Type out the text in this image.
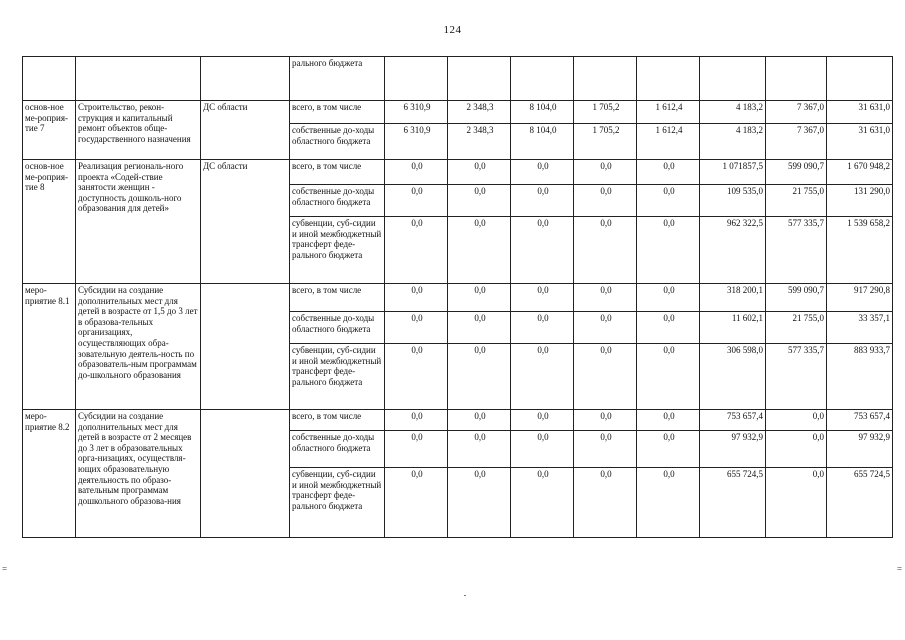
124
			рального бюджета								
основ-ное ме-роприя-тие 7	Строительство, рекон-струкция и капитальный ремонт объектов обще-государственного назначения	ДС области	всего, в том числе	6 310,9	2 348,3	8 104,0	1 705,2	1 612,4	4 183,2	7 367,0	31 631,0
			собственные до-ходы областного бюджета	6 310,9	2 348,3	8 104,0	1 705,2	1 612,4	4 183,2	7 367,0	31 631,0
основ-ное ме-роприя-тие 8	Реализация региональ-ного проекта «Содей-ствие занятости женщин - доступность дошколь-ного образования для детей»	ДС области	всего, в том числе	0,0	0,0	0,0	0,0	0,0	1 071857,5	599 090,7	1 670 948,2
			собственные до-ходы областного бюджета	0,0	0,0	0,0	0,0	0,0	109 535,0	21 755,0	131 290,0
			субвенции, суб-сидии и иной межбюджетный трансферт феде-рального бюджета	0,0	0,0	0,0	0,0	0,0	962 322,5	577 335,7	1 539 658,2
меро-приятие 8.1	Субсидии на создание дополнительных мест для детей в возрасте от 1,5 до 3 лет в образова-тельных организациях, осуществляющих обра-зовательную деятель-ность по образователь-ным программам до-школьного образования		всего, в том числе	0,0	0,0	0,0	0,0	0,0	318 200,1	599 090,7	917 290,8
			собственные до-ходы областного бюджета	0,0	0,0	0,0	0,0	0,0	11 602,1	21 755,0	33 357,1
			субвенции, суб-сидии и иной межбюджетный трансферт феде-рального бюджета	0,0	0,0	0,0	0,0	0,0	306 598,0	577 335,7	883 933,7
меро-приятие 8.2	Субсидии на создание дополнительных мест для детей в возрасте от 2 месяцев до 3 лет в образовательных орга-низациях, осуществля-ющих образовательную деятельность по образо-вательным программам дошкольного образова-ния		всего, в том числе	0,0	0,0	0,0	0,0	0,0	753 657,4	0,0	753 657,4
			собственные до-ходы областного бюджета	0,0	0,0	0,0	0,0	0,0	97 932,9	0,0	97 932,9
			субвенции, суб-сидии и иной межбюджетный трансферт феде-рального бюджета	0,0	0,0	0,0	0,0	0,0	655 724,5	0,0	655 724,5
=	=
